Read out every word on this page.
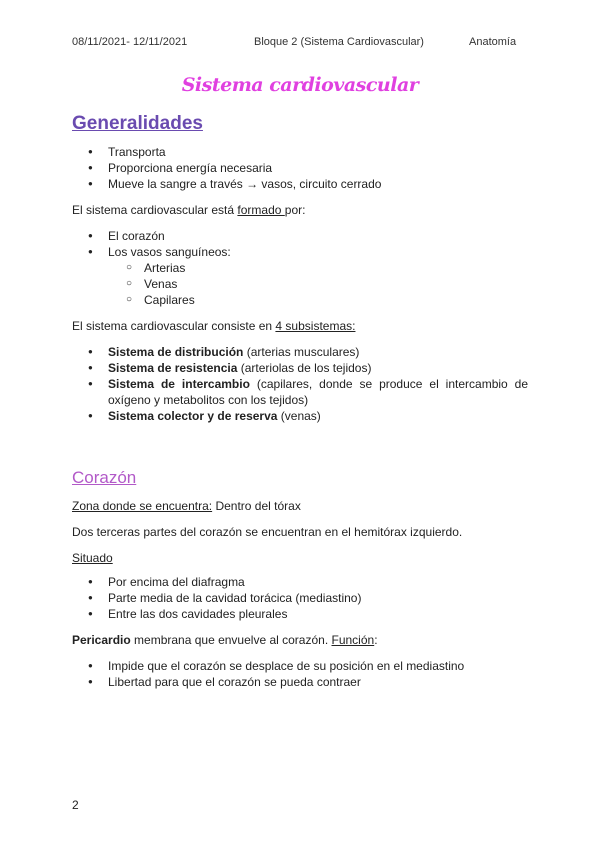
08/11/2021- 12/11/2021	Bloque 2 (Sistema Cardiovascular)	Anatomía
Sistema cardiovascular
Generalidades
● Transporta
● Proporciona energía necesaria
● Mueve la sangre a través → vasos, circuito cerrado

El sistema cardiovascular está formado por:

● El corazón
● Los vasos sanguíneos:
○ Arterias
○ Venas
○ Capilares

El sistema cardiovascular consiste en 4 subsistemas:

● Sistema de distribución (arterias musculares)
● Sistema de resistencia (arteriolas de los tejidos)
● Sistema de intercambio (capilares, donde se produce el intercambio de oxígeno y metabolitos con los tejidos)
● Sistema colector y de reserva (venas)
Corazón

Zona donde se encuentra: Dentro del tórax

Dos terceras partes del corazón se encuentran en el hemitórax izquierdo.

Situado

● Por encima del diafragma
● Parte media de la cavidad torácica (mediastino)
● Entre las dos cavidades pleurales

Pericardio membrana que envuelve al corazón. Función:

● Impide que el corazón se desplace de su posición en el mediastino
● Libertad para que el corazón se pueda contraer
2
